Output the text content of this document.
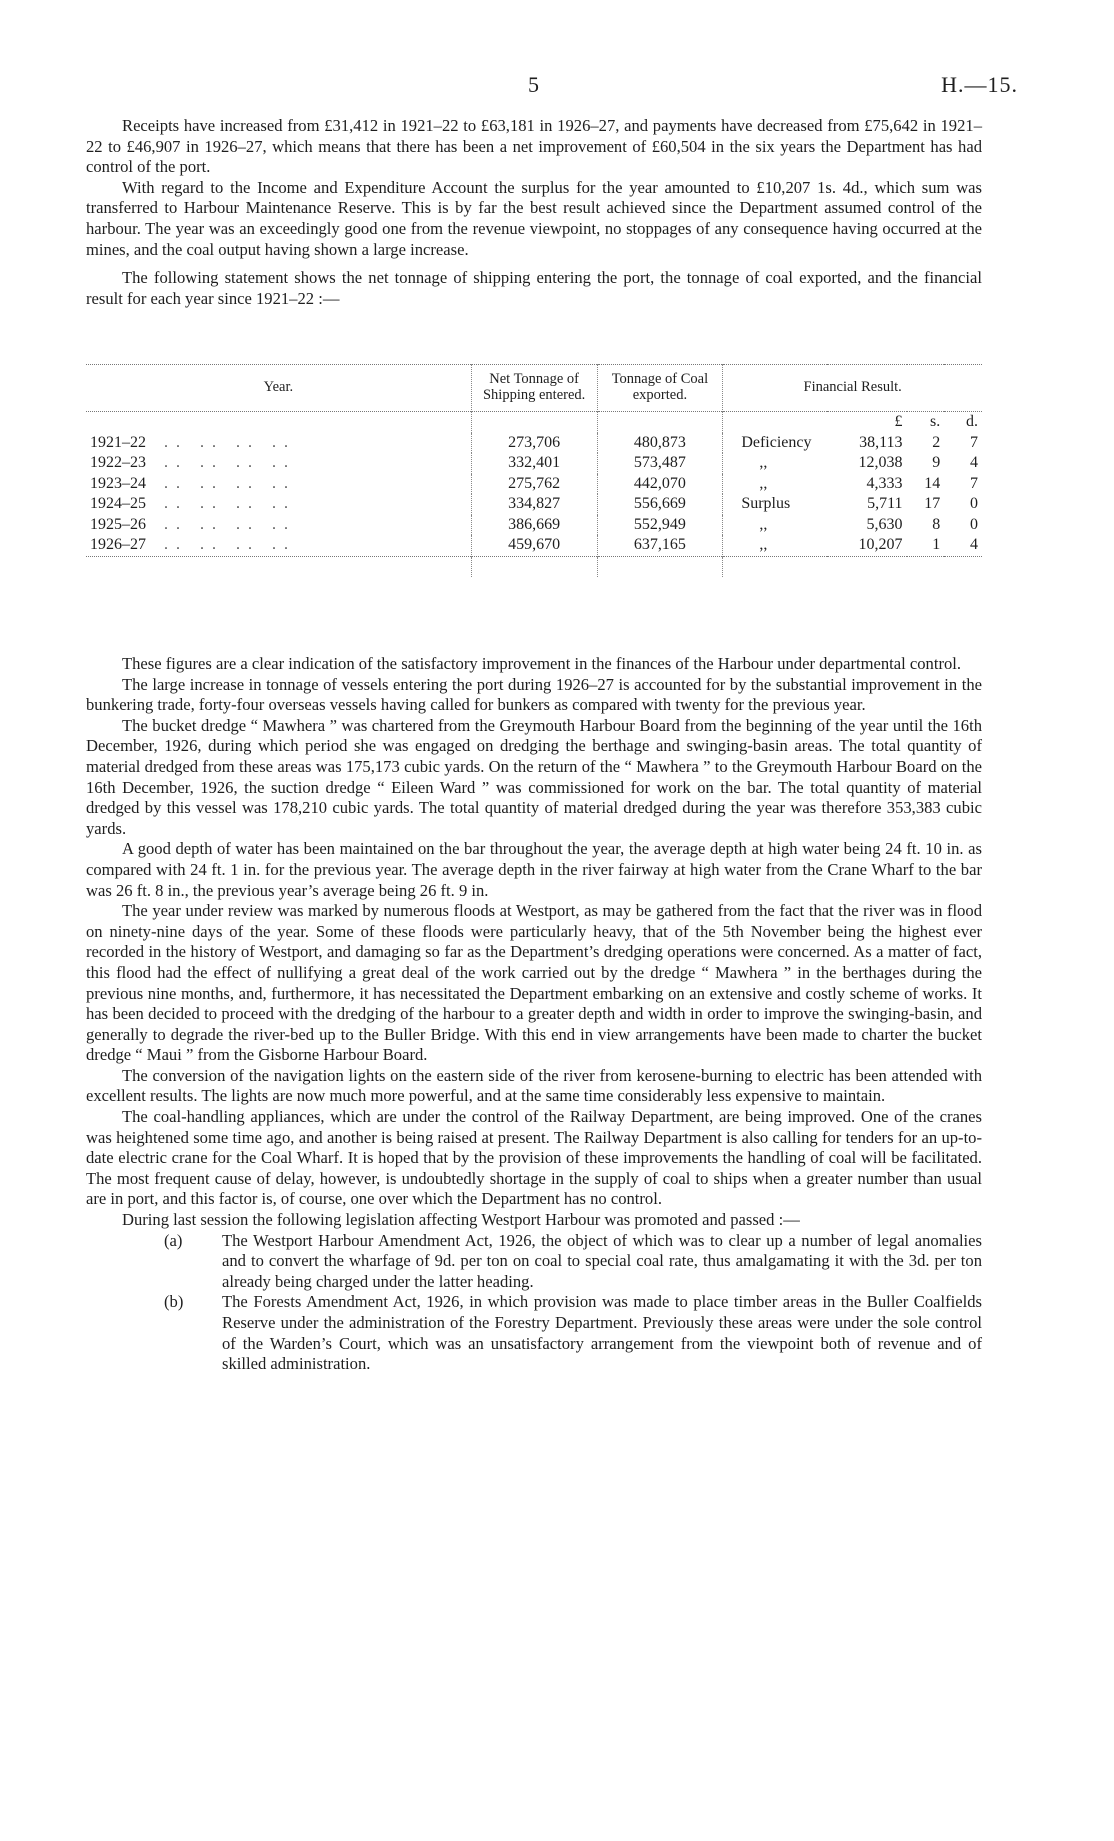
5	H.—15.

Receipts have increased from £31,412 in 1921–22 to £63,181 in 1926–27, and payments have decreased from £75,642 in 1921–22 to £46,907 in 1926–27, which means that there has been a net improvement of £60,504 in the six years the Department has had control of the port.

With regard to the Income and Expenditure Account the surplus for the year amounted to £10,207 1s. 4d., which sum was transferred to Harbour Maintenance Reserve. This is by far the best result achieved since the Department assumed control of the harbour. The year was an exceedingly good one from the revenue viewpoint, no stoppages of any consequence having occurred at the mines, and the coal output having shown a large increase.

The following statement shows the net tonnage of shipping entering the port, the tonnage of coal exported, and the financial result for each year since 1921–22 :—

Year.	Net Tonnage of Shipping entered.	Tonnage of Coal exported.	Financial Result.			
				£	s.	d.
1921–22 .. .. .. ..	273,706	480,873	Deficiency	38,113	2	7
1922–23 .. .. .. ..	332,401	573,487	,,	12,038	9	4
1923–24 .. .. .. ..	275,762	442,070	,,	4,333	14	7
1924–25 .. .. .. ..	334,827	556,669	Surplus	5,711	17	0
1925–26 .. .. .. ..	386,669	552,949	,,	5,630	8	0
1926–27 .. .. .. ..	459,670	637,165	,,	10,207	1	4

These figures are a clear indication of the satisfactory improvement in the finances of the Harbour under departmental control.

The large increase in tonnage of vessels entering the port during 1926–27 is accounted for by the substantial improvement in the bunkering trade, forty-four overseas vessels having called for bunkers as compared with twenty for the previous year.

The bucket dredge “ Mawhera ” was chartered from the Greymouth Harbour Board from the beginning of the year until the 16th December, 1926, during which period she was engaged on dredging the berthage and swinging-basin areas. The total quantity of material dredged from these areas was 175,173 cubic yards. On the return of the “ Mawhera ” to the Greymouth Harbour Board on the 16th December, 1926, the suction dredge “ Eileen Ward ” was commissioned for work on the bar. The total quantity of material dredged by this vessel was 178,210 cubic yards. The total quantity of material dredged during the year was therefore 353,383 cubic yards.

A good depth of water has been maintained on the bar throughout the year, the average depth at high water being 24 ft. 10 in. as compared with 24 ft. 1 in. for the previous year. The average depth in the river fairway at high water from the Crane Wharf to the bar was 26 ft. 8 in., the previous year’s average being 26 ft. 9 in.

The year under review was marked by numerous floods at Westport, as may be gathered from the fact that the river was in flood on ninety-nine days of the year. Some of these floods were particularly heavy, that of the 5th November being the highest ever recorded in the history of Westport, and damaging so far as the Department’s dredging operations were concerned. As a matter of fact, this flood had the effect of nullifying a great deal of the work carried out by the dredge “ Mawhera ” in the berthages during the previous nine months, and, furthermore, it has necessitated the Department embarking on an extensive and costly scheme of works. It has been decided to proceed with the dredging of the harbour to a greater depth and width in order to improve the swinging-basin, and generally to degrade the river-bed up to the Buller Bridge. With this end in view arrangements have been made to charter the bucket dredge “ Maui ” from the Gisborne Harbour Board.

The conversion of the navigation lights on the eastern side of the river from kerosene-burning to electric has been attended with excellent results. The lights are now much more powerful, and at the same time considerably less expensive to maintain.

The coal-handling appliances, which are under the control of the Railway Department, are being improved. One of the cranes was heightened some time ago, and another is being raised at present. The Railway Department is also calling for tenders for an up-to-date electric crane for the Coal Wharf. It is hoped that by the provision of these improvements the handling of coal will be facilitated. The most frequent cause of delay, however, is undoubtedly shortage in the supply of coal to ships when a greater number than usual are in port, and this factor is, of course, one over which the Department has no control.

During last session the following legislation affecting Westport Harbour was promoted and passed :—

(a) The Westport Harbour Amendment Act, 1926, the object of which was to clear up a number of legal anomalies and to convert the wharfage of 9d. per ton on coal to special coal rate, thus amalgamating it with the 3d. per ton already being charged under the latter heading.
(b) The Forests Amendment Act, 1926, in which provision was made to place timber areas in the Buller Coalfields Reserve under the administration of the Forestry Department. Previously these areas were under the sole control of the Warden’s Court, which was an unsatisfactory arrangement from the viewpoint both of revenue and of skilled administration.
